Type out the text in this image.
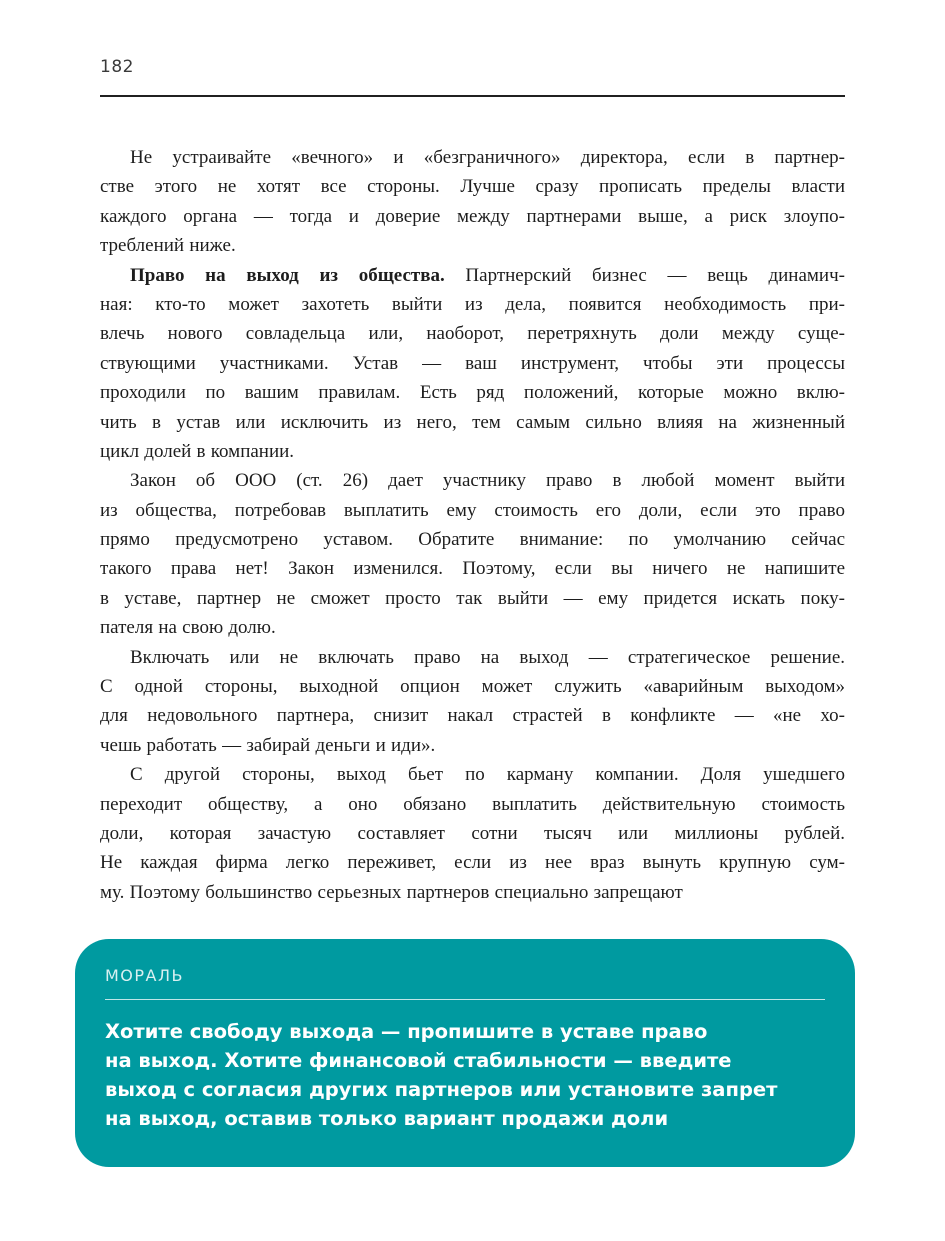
182
Не устраивайте «вечного» и «безграничного» директора, если в партнер-
стве этого не хотят все стороны. Лучше сразу прописать пределы власти
каждого органа — тогда и доверие между партнерами выше, а риск злоупо-
треблений ниже.
Право на выход из общества. Партнерский бизнес — вещь динамич-
ная: кто-то может захотеть выйти из дела, появится необходимость при-
влечь нового совладельца или, наоборот, перетряхнуть доли между суще-
ствующими участниками. Устав — ваш инструмент, чтобы эти процессы
проходили по вашим правилам. Есть ряд положений, которые можно вклю-
чить в устав или исключить из него, тем самым сильно влияя на жизненный
цикл долей в компании.
Закон об ООО (ст. 26) дает участнику право в любой момент выйти
из общества, потребовав выплатить ему стоимость его доли, если это право
прямо предусмотрено уставом. Обратите внимание: по умолчанию сейчас
такого права нет! Закон изменился. Поэтому, если вы ничего не напишите
в уставе, партнер не сможет просто так выйти — ему придется искать поку-
пателя на свою долю.
Включать или не включать право на выход — стратегическое решение.
С одной стороны, выходной опцион может служить «аварийным выходом»
для недовольного партнера, снизит накал страстей в конфликте — «не хо-
чешь работать — забирай деньги и иди».
С другой стороны, выход бьет по карману компании. Доля ушедшего
переходит обществу, а оно обязано выплатить действительную стоимость
доли, которая зачастую составляет сотни тысяч или миллионы рублей.
Не каждая фирма легко переживет, если из нее враз вынуть крупную сум-
му. Поэтому большинство серьезных партнеров специально запрещают
МОРАЛЬ
Хотите свободу выхода — пропишите в уставе право
на выход. Хотите финансовой стабильности — введите
выход с согласия других партнеров или установите запрет
на выход, оставив только вариант продажи доли
